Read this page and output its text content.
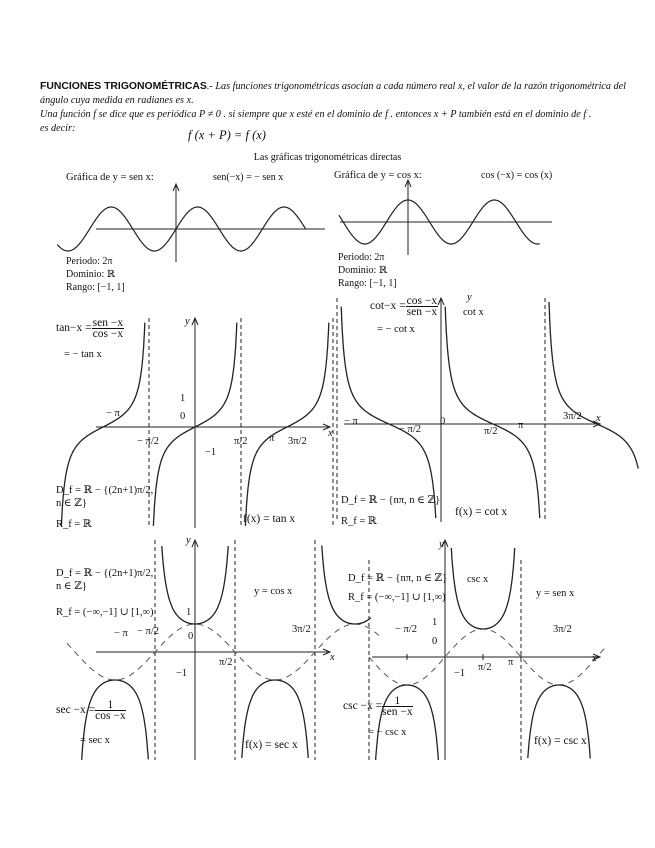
FUNCIONES TRIGONOMÉTRICAS.- Las funciones trigonométricas asocian a cada número real x, el valor de la razón trigonométrica del ángulo cuya medida en radianes es x.
Una función f se dice que es periódica P ≠ 0 . si siempre que x esté en el dominio de f . entonces x + P también está en el dominio de f .
es decir:	f (x + P) = f (x)
Las gráficas trigonométricas directas
Gráfica de y = sen x:	sen(−x) = − sen x
Periodo: 2π
Dominio: ℝ
Rango: [−1, 1]
Gráfica de y = cos x:	cos (−x) = cos (x)
Periodo: 2π
Dominio: ℝ
Rango: [−1, 1]
$\tan-x = \frac{\text{sen −x}}{\cos -x}$
= − tan x
y
x
1
0
−1
− π
− π/2	π/2 π 3π/2
D_f = ℝ − {(2n+1)π/2, n ∈ ℤ}
R_f = ℝ	f(x) = tan x
$\cot-x = \frac{\cos -x}{\text{sen −x}}$
= − cot x
cot x
y
x
0
− π
− π/2	π/2
π
3π/2
D_f = ℝ − {nπ, n ∈ ℤ}
R_f = ℝ
f(x) = cot x
D_f = ℝ − {(2n+1)π/2, n ∈ ℤ}
R_f = (−∞,−1] ∪ [1,∞)
y = cos x
y
x
1
0
−1
− π − π/2
π/2
3π/2
$\sec -x = \frac{1}{\cos -x}$
= sec x	f(x) = sec x
D_f = ℝ − {nπ, n ∈ ℤ}
R_f = (−∞,−1] ∪ [1,∞)
csc x
y = sen x
y
x
1
0
−1
− π/2
π/2 π
3π/2
$\csc -x = \frac{1}{\text{sen −x}}$
= − csc x
f(x) = csc x
